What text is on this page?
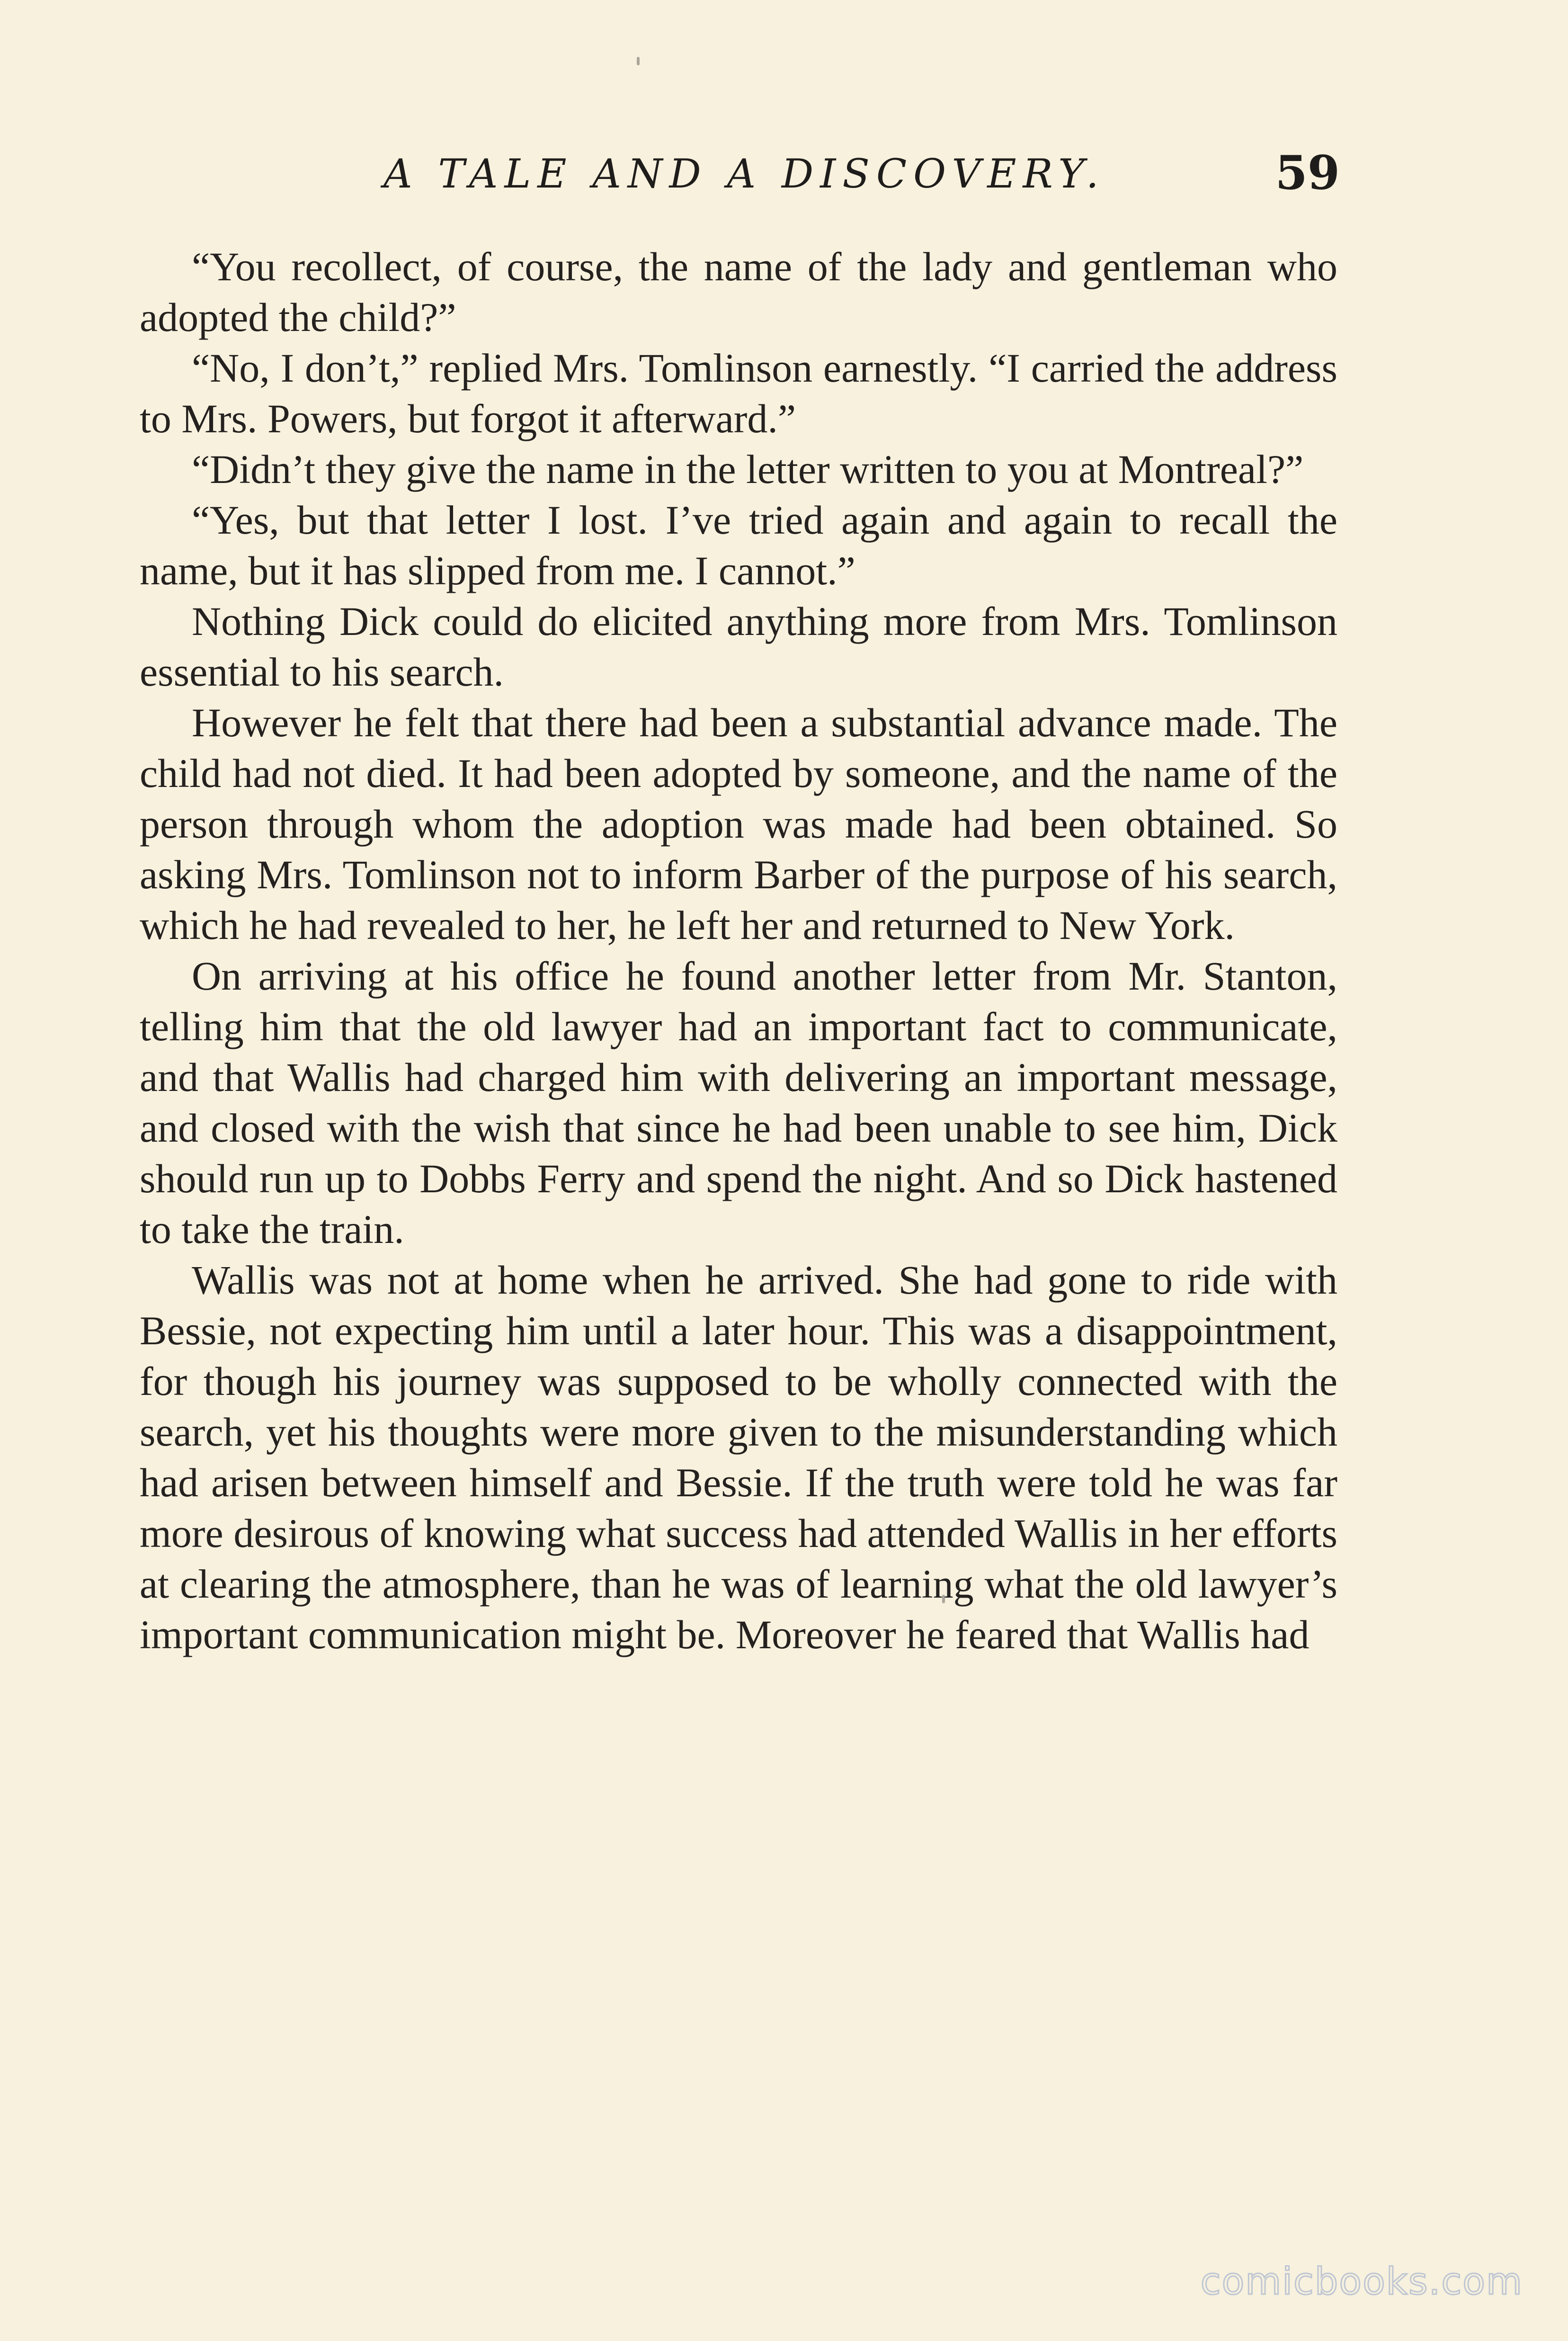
A TALE AND A DISCOVERY.	59

“You recollect, of course, the name of the lady and gentleman who adopted the child?”

“No, I don’t,” replied Mrs. Tomlinson earnestly. “I carried the address to Mrs. Powers, but forgot it afterward.”

“Didn’t they give the name in the letter written to you at Montreal?”

“Yes, but that letter I lost. I’ve tried again and again to recall the name, but it has slipped from me. I cannot.”

Nothing Dick could do elicited anything more from Mrs. Tomlinson essential to his search.

However he felt that there had been a substantial advance made. The child had not died. It had been adopted by someone, and the name of the person through whom the adoption was made had been obtained. So asking Mrs. Tomlinson not to inform Barber of the purpose of his search, which he had revealed to her, he left her and returned to New York.

On arriving at his office he found another letter from Mr. Stanton, telling him that the old lawyer had an important fact to communicate, and that Wallis had charged him with delivering an important message, and closed with the wish that since he had been unable to see him, Dick should run up to Dobbs Ferry and spend the night. And so Dick hastened to take the train.

Wallis was not at home when he arrived. She had gone to ride with Bessie, not expecting him until a later hour. This was a disappointment, for though his journey was supposed to be wholly connected with the search, yet his thoughts were more given to the misunderstanding which had arisen between himself and Bessie. If the truth were told he was far more desirous of knowing what success had attended Wallis in her efforts at clearing the atmosphere, than he was of learning what the old lawyer’s important communication might be. Moreover he feared that Wallis had

comicbooks.com
